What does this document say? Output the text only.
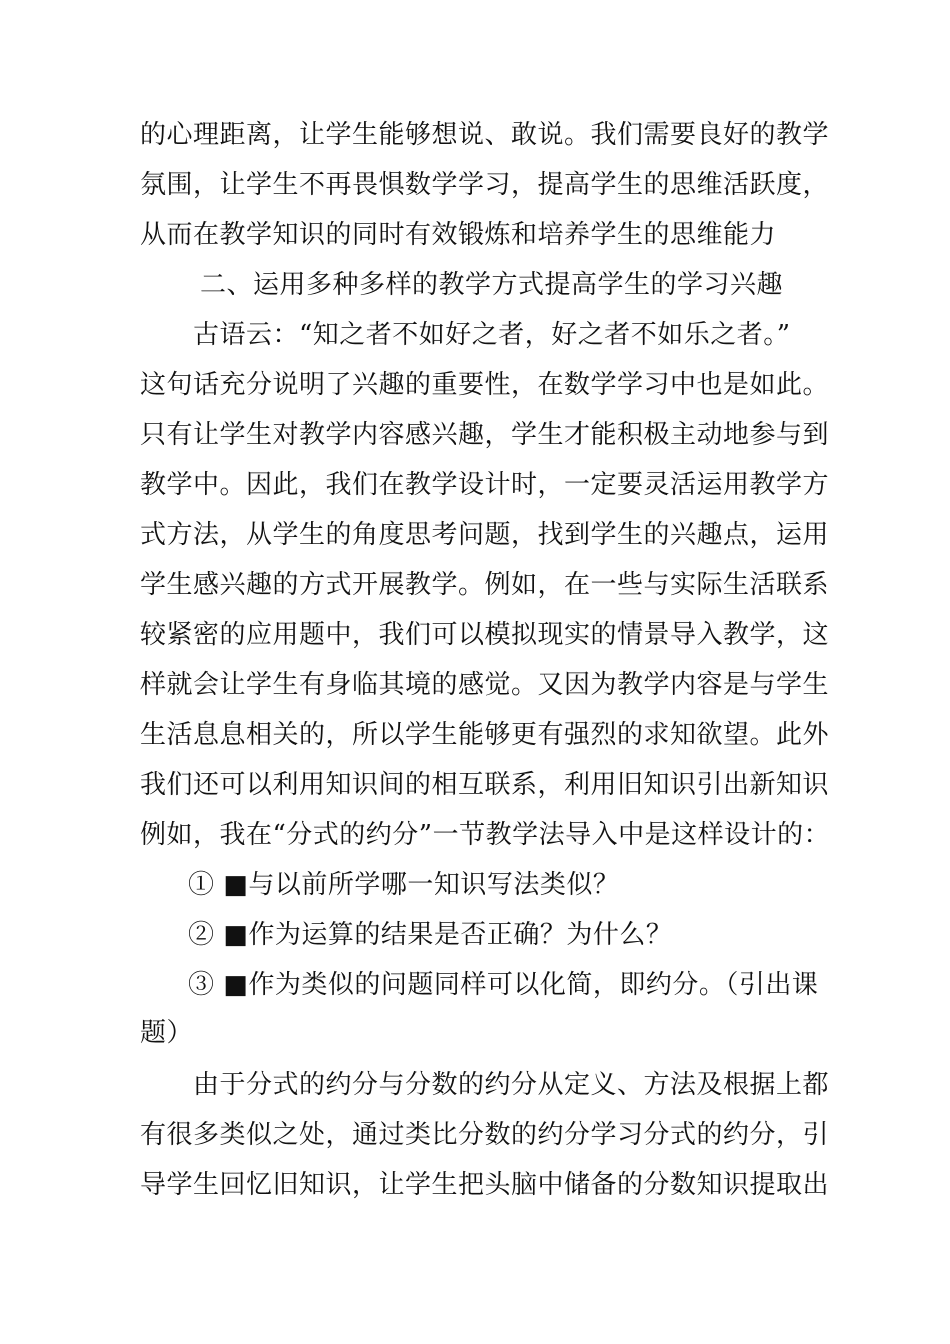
的心理距离，让学生能够想说、敢说。我们需要良好的教学
氛围，让学生不再畏惧数学学习，提高学生的思维活跃度，
从而在教学知识的同时有效锻炼和培养学生的思维能力
二、运用多种多样的教学方式提高学生的学习兴趣
古语云：“知之者不如好之者，好之者不如乐之者。”
这句话充分说明了兴趣的重要性，在数学学习中也是如此。
只有让学生对教学内容感兴趣，学生才能积极主动地参与到
教学中。因此，我们在教学设计时，一定要灵活运用教学方
式方法，从学生的角度思考问题，找到学生的兴趣点，运用
学生感兴趣的方式开展教学。例如，在一些与实际生活联系
较紧密的应用题中，我们可以模拟现实的情景导入教学，这
样就会让学生有身临其境的感觉。又因为教学内容是与学生
生活息息相关的，所以学生能够更有强烈的求知欲望。此外
我们还可以利用知识间的相互联系，利用旧知识引出新知识
例如，我在“分式的约分”一节教学法导入中是这样设计的：
① ■与以前所学哪一知识写法类似？
② ■作为运算的结果是否正确？为什么？
③ ■作为类似的问题同样可以化简，即约分。（引出课
题）
由于分式的约分与分数的约分从定义、方法及根据上都
有很多类似之处，通过类比分数的约分学习分式的约分，引
导学生回忆旧知识，让学生把头脑中储备的分数知识提取出
